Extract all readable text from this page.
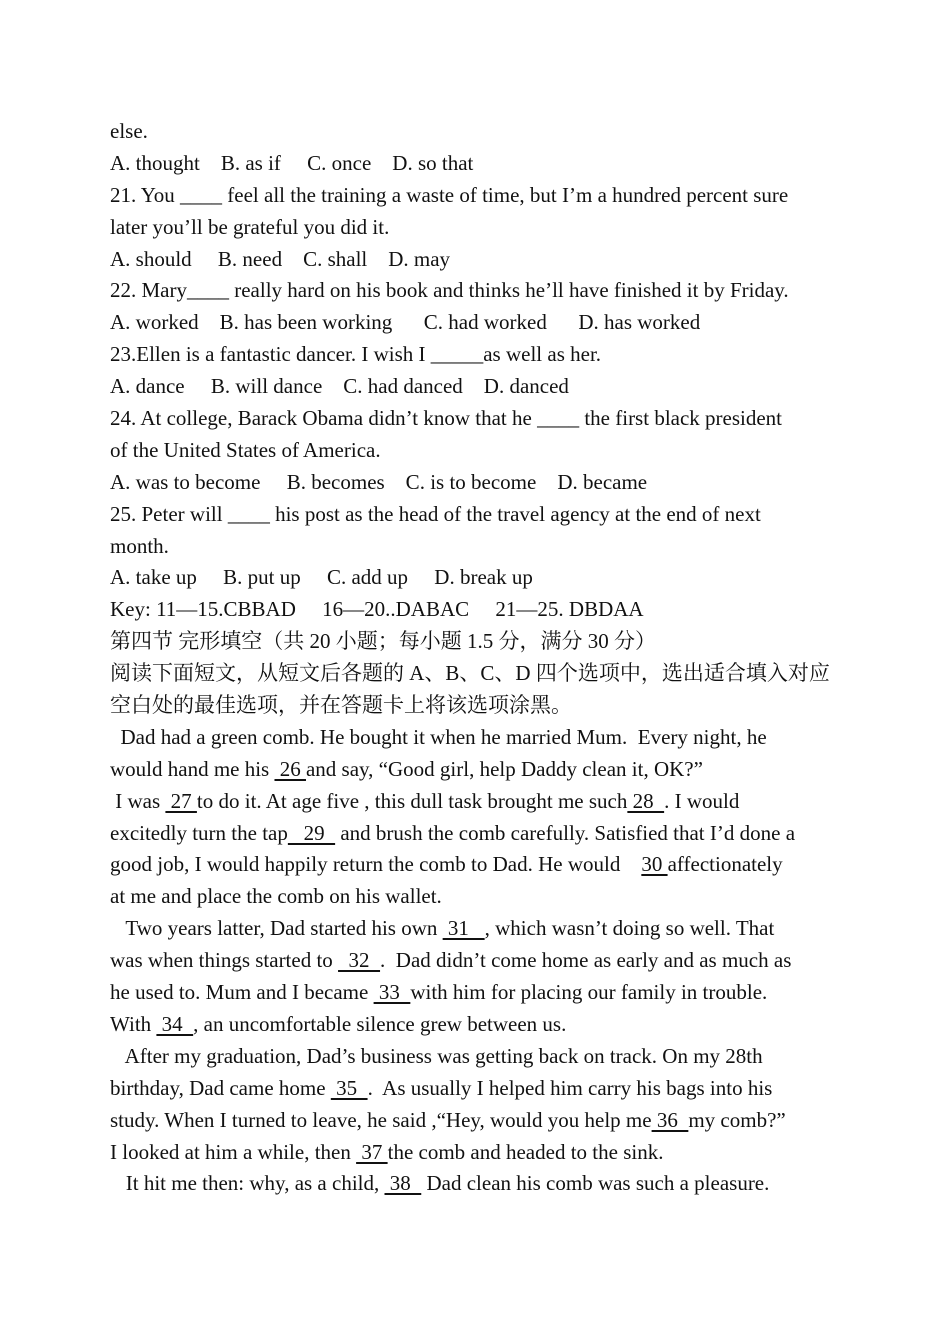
else.
A. thought    B. as if     C. once    D. so that
21. You ____ feel all the training a waste of time, but I’m a hundred percent sure
later you’ll be grateful you did it.
A. should     B. need    C. shall    D. may
22. Mary____ really hard on his book and thinks he’ll have finished it by Friday.
A. worked    B. has been working      C. had worked      D. has worked
23.Ellen is a fantastic dancer. I wish I _____as well as her.
A. dance     B. will dance    C. had danced    D. danced
24. At college, Barack Obama didn’t know that he ____ the first black president
of the United States of America.
A. was to become     B. becomes    C. is to become    D. became
25. Peter will ____ his post as the head of the travel agency at the end of next
month.
A. take up     B. put up     C. add up     D. break up
Key: 11—15.CBBAD     16—20..DABAC     21—25. DBDAA
第四节 完形填空（共 20 小题；每小题 1.5 分，满分 30 分）
阅读下面短文，从短文后各题的 A、B、C、D 四个选项中，选出适合填入对应
空白处的最佳选项，并在答题卡上将该选项涂黑。
Dad had a green comb. He bought it when he married Mum.  Every night, he
would hand me his  26 and say, “Good girl, help Daddy clean it, OK?”
I was  27 to do it. At age five , this dull task brought me such 28  . I would
excitedly turn the tap   29   and brush the comb carefully. Satisfied that I’d done a
good job, I would happily return the comb to Dad. He would    30 affectionately
at me and place the comb on his wallet.
Two years latter, Dad started his own  31   , which wasn’t doing so well. That
was when things started to   32  .  Dad didn’t come home as early and as much as
he used to. Mum and I became  33  with him for placing our family in trouble.
With  34  , an uncomfortable silence grew between us.
After my graduation, Dad’s business was getting back on track. On my 28th
birthday, Dad came home  35  .  As usually I helped him carry his bags into his
study. When I turned to leave, he said ,“Hey, would you help me 36  my comb?”
I looked at him a while, then  37 the comb and headed to the sink.
It hit me then: why, as a child,  38   Dad clean his comb was such a pleasure.
